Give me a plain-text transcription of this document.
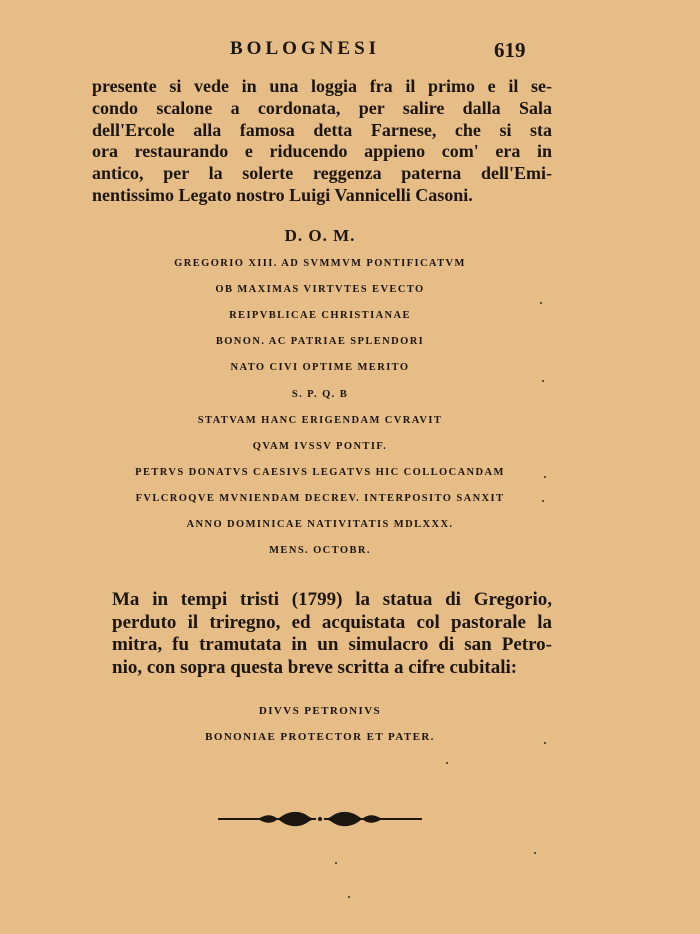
BOLOGNESI	619

presente si vede in una loggia fra il primo e il se-
condo scalone a cordonata, per salire dalla Sala
dell'Ercole alla famosa detta Farnese, che si sta
ora restaurando e riducendo appieno com' era in
antico, per la solerte reggenza paterna dell'Emi-
nentissimo Legato nostro Luigi Vannicelli Casoni.

D. O. M.
GREGORIO XIII. AD SVMMVM PONTIFICATVM
OB MAXIMAS VIRTVTES EVECTO
REIPVBLICAE CHRISTIANAE
BONON. AC PATRIAE SPLENDORI
NATO CIVI OPTIME MERITO
S. P. Q. B
STATVAM HANC ERIGENDAM CVRAVIT
QVAM IVSSV PONTIF.
PETRVS DONATVS CAESIVS LEGATVS HIC COLLOCANDAM
FVLCROQVE MVNIENDAM DECREV. INTERPOSITO SANXIT
ANNO DOMINICAE NATIVITATIS MDLXXX.
MENS. OCTOBR.

Ma in tempi tristi (1799) la statua di Gregorio,
perduto il triregno, ed acquistata col pastorale la
mitra, fu tramutata in un simulacro di san Petro-
nio, con sopra questa breve scritta a cifre cubitali:

DIVVS PETRONIVS
BONONIAE PROTECTOR ET PATER.
